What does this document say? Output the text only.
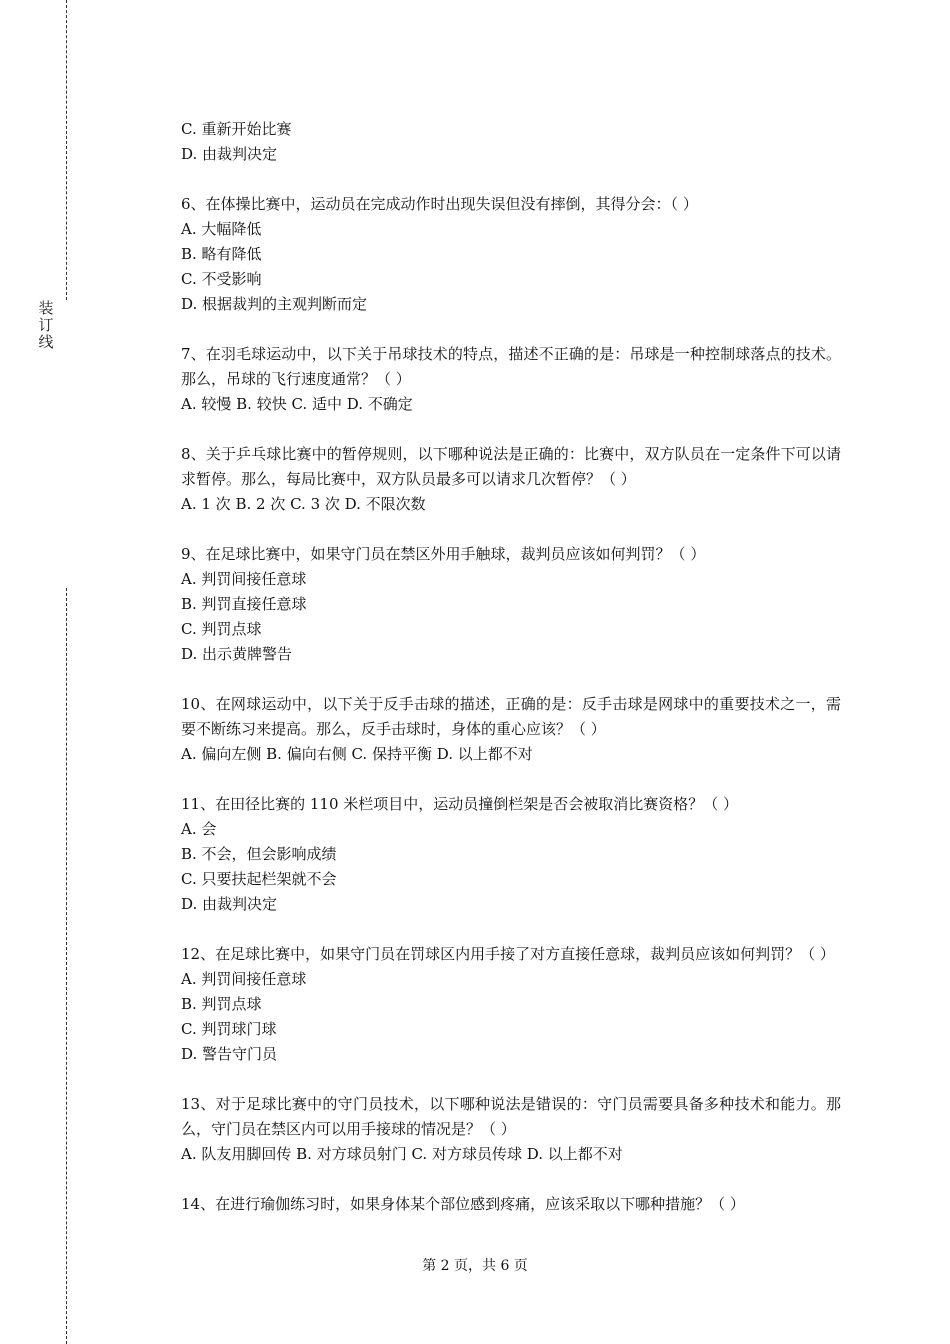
装
订
线
C. 重新开始比赛
D. 由裁判决定
6、在体操比赛中，运动员在完成动作时出现失误但没有摔倒，其得分会：（ ）
A. 大幅降低
B. 略有降低
C. 不受影响
D. 根据裁判的主观判断而定
7、在羽毛球运动中，以下关于吊球技术的特点，描述不正确的是：吊球是一种控制球落点的技术。那么，吊球的飞行速度通常？（ ）
A. 较慢 B. 较快 C. 适中 D. 不确定
8、关于乒乓球比赛中的暂停规则，以下哪种说法是正确的：比赛中，双方队员在一定条件下可以请求暂停。那么，每局比赛中，双方队员最多可以请求几次暂停？（ ）
A. 1 次 B. 2 次 C. 3 次 D. 不限次数
9、在足球比赛中，如果守门员在禁区外用手触球，裁判员应该如何判罚？（ ）
A. 判罚间接任意球
B. 判罚直接任意球
C. 判罚点球
D. 出示黄牌警告
10、在网球运动中，以下关于反手击球的描述，正确的是：反手击球是网球中的重要技术之一，需要不断练习来提高。那么，反手击球时，身体的重心应该？（ ）
A. 偏向左侧 B. 偏向右侧 C. 保持平衡 D. 以上都不对
11、在田径比赛的 110 米栏项目中，运动员撞倒栏架是否会被取消比赛资格？（ ）
A. 会
B. 不会，但会影响成绩
C. 只要扶起栏架就不会
D. 由裁判决定
12、在足球比赛中，如果守门员在罚球区内用手接了对方直接任意球，裁判员应该如何判罚？（ ）
A. 判罚间接任意球
B. 判罚点球
C. 判罚球门球
D. 警告守门员
13、对于足球比赛中的守门员技术，以下哪种说法是错误的：守门员需要具备多种技术和能力。那么，守门员在禁区内可以用手接球的情况是？（ ）
A. 队友用脚回传 B. 对方球员射门 C. 对方球员传球 D. 以上都不对
14、在进行瑜伽练习时，如果身体某个部位感到疼痛，应该采取以下哪种措施？（ ）
第 2 页，共 6 页
